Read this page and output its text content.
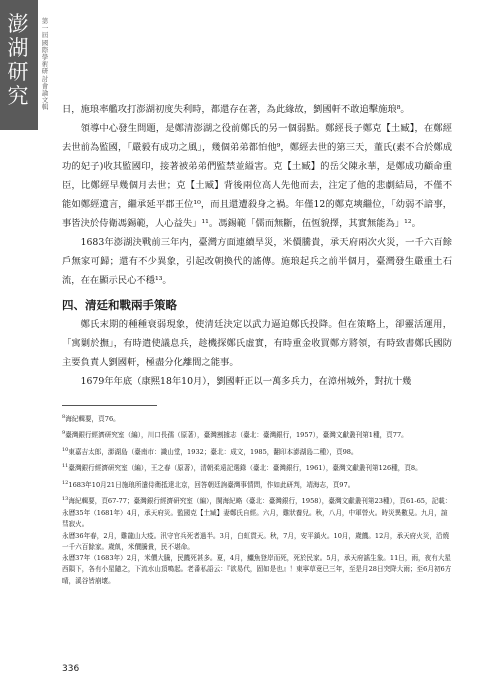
澎
湖
研
究
第
一
屆
國
際
學
術
研
討
會
論
文
輯 日，施琅率艦攻打澎湖初度失利時，都還存在著，為此緣故，劉國軒不敢追擊施琅⁸。

領導中心發生問題，是鄭清澎湖之役前鄭氏的另一個弱點。鄭經長子鄭克【土臧】，在鄭經去世前為監國，「嚴毅有成功之風」，幾個弟弟都怕他⁹，鄭經去世的第三天，董氏(素不合於鄭成功的妃子)收其監國印，接著被弟弟們監禁並縊害。克【土臧】的岳父陳永華，是鄭成功顧命重臣，比鄭經早幾個月去世；克【土臧】背後兩位高人先他而去，注定了他的悲劇結局，不僅不能如鄭經遺言，繼承延平郡王位¹⁰，而且還遭殺身之禍。年僅12的鄭克塽繼位，「幼弱不諳事，事皆決於侍衛馮錫範，人心益失」¹¹。馮錫範「儒而無斷，伍恆貌擇，其實無能為」¹²。

1683年澎湖決戰前三年内，臺灣方面連續旱災，米價騰貴，承天府兩次火災，一千六百餘戶無家可歸；還有不少異象，引起改朝換代的謠傳。施琅起兵之前半個月，臺灣發生嚴重土石流，在在顯示民心不穩¹³。

四、清廷和戰兩手策略

鄭氏末期的種種衰弱現象，使清廷決定以武力逼迫鄭氏投降。但在策略上，卻靈活運用，「寓剿於撫」，有時遣使議息兵，趁機探鄭氏虛實，有時重金收買鄭方將領，有時致書鄭氏國防主要負責人劉國軒，極盡分化離間之能事。

1679年年底（康熙18年10月），劉國軒正以一萬多兵力，在漳州城外，對抗十幾

$^8$海紀輯要，頁76。
$^9$臺灣銀行經濟研究室（編），川口長孺（原著），臺灣割據志（臺北：臺灣銀行，1957），臺灣文獻叢刊第1種，頁77。
$^{10}$東嘉吉太郎，澎湖島（臺南市：識山堂，1932；臺北：成文，1985，翻印本澎湖島二種），頁98。
$^{11}$臺灣銀行經濟研究室（編），王之春（原著），清朝柔遠記選錄（臺北：臺灣銀行，1961），臺灣文獻叢刊第126種，頁8。
$^{12}$1683年10月21日施琅所遣侍衛抵達北京，回答朝廷詢臺灣事情問，作如此研判，靖海志，頁97。
$^{13}$海紀輯要，頁67-77；臺灣銀行經濟研究室（編），閩海紀略（臺北：臺灣銀行，1958），臺灣文獻叢刊第23種），頁61-65，記載：
永曆35年（1681年）4月，承天府災。監國克【土臧】妻鄭氏自經。六月，雞狀養兒。秋，八月，中軍營火。時災異數見。九月，諠彗寂火。
永曆36年春，2月，雞龍山大疫。汛守官兵死者過半。3月，白虹貫天。秋，7月，安平鎮火。10月，歲饑。12月，承天府火災，沿燒一千六百餘家。歲飢，米價騰貴，民不堪命。
永曆37年（1683年）2月，米價大騰，民饑死甚多。夏，4月，鱷魚登岸而死，死於民家。5月，承天府謠生象。11日，雨，夜有大星西隕下，各有小星隨之，下流水山頂鳴起。老番私語云：『欲易代，固如是也』！東寧草竟已三年，至是月28日突降大雨；至6月初6方晴，溪谷皆崩壞。
336
